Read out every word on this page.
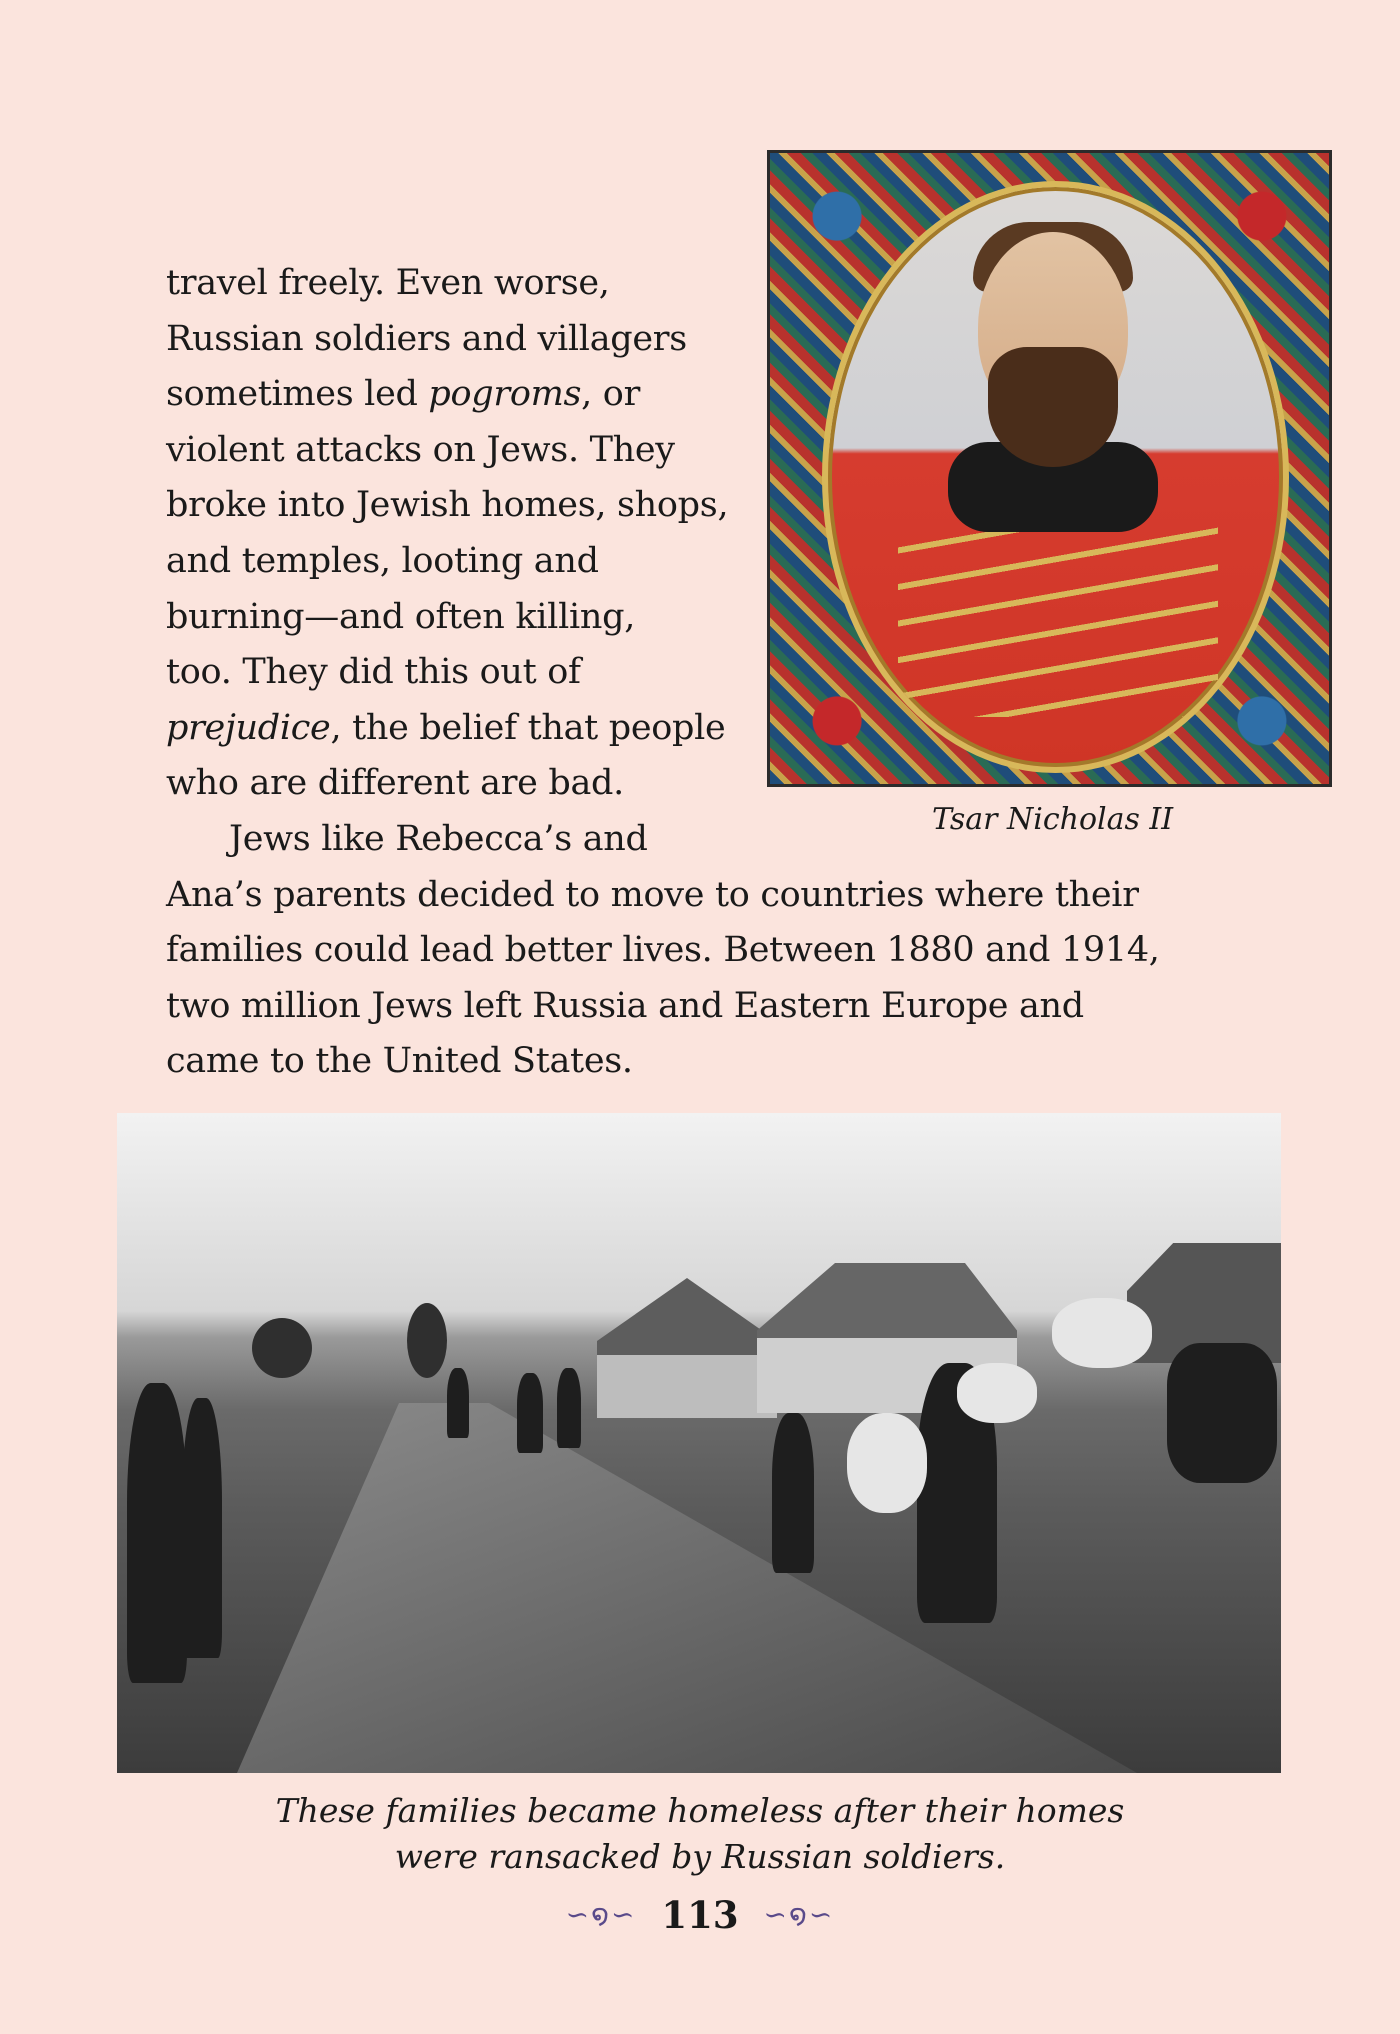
travel freely. Even worse,
Russian soldiers and villagers
sometimes led pogroms, or
violent attacks on Jews. They
broke into Jewish homes, shops,
and temples, looting and
burning—and often killing,
too. They did this out of
prejudice, the belief that people
who are different are bad.
Jews like Rebecca’s and
Ana’s parents decided to move to countries where their
families could lead better lives. Between 1880 and 1914,
two million Jews left Russia and Eastern Europe and
came to the United States.
Tsar Nicholas II
These families became homeless after their homes
were ransacked by Russian soldiers.
∽໑∽ 113 ∽໑∽
